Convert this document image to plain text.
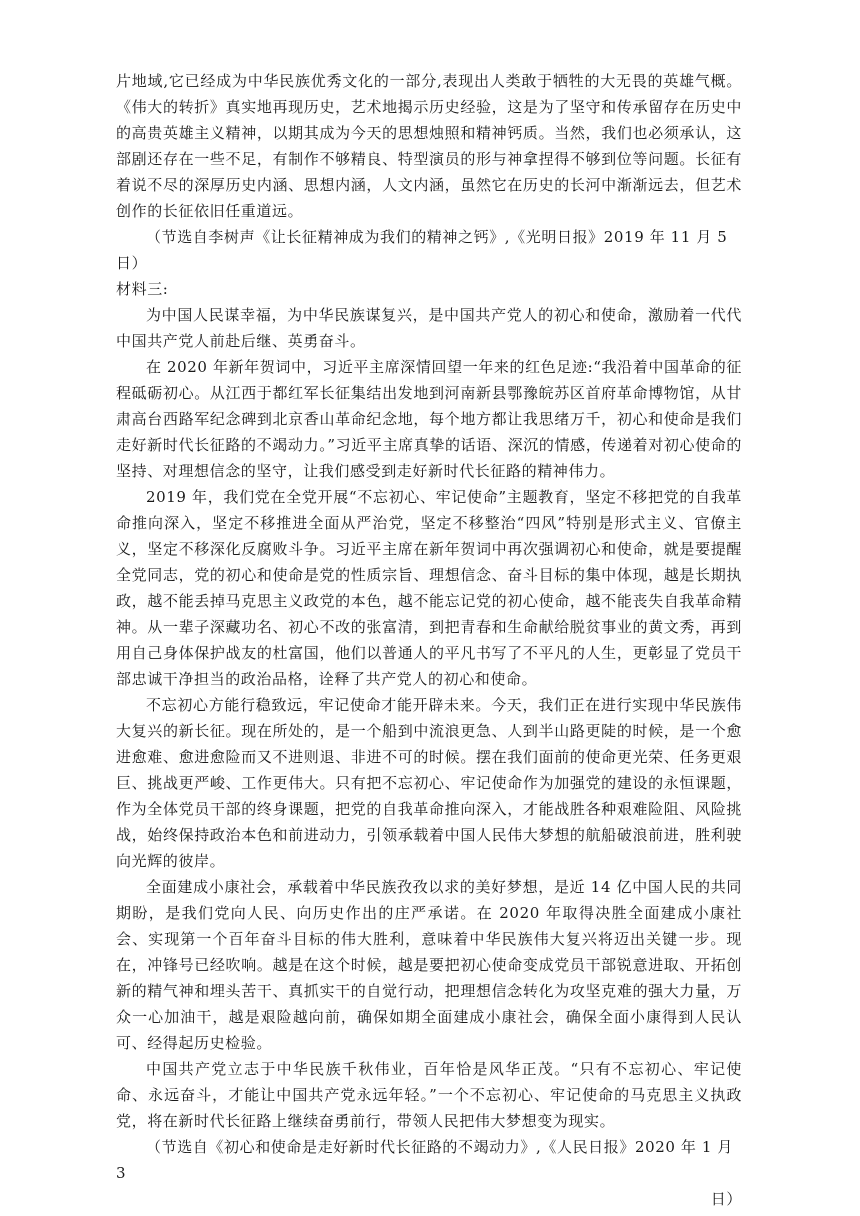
片地域,它已经成为中华民族优秀文化的一部分,表现出人类敢于牺牲的大无畏的英雄气概。《伟大的转折》真实地再现历史，艺术地揭示历史经验，这是为了坚守和传承留存在历史中的高贵英雄主义精神，以期其成为今天的思想烛照和精神钙质。当然，我们也必须承认，这部剧还存在一些不足，有制作不够精良、特型演员的形与神拿捏得不够到位等问题。长征有着说不尽的深厚历史内涵、思想内涵，人文内涵，虽然它在历史的长河中渐渐远去，但艺术创作的长征依旧任重道远。

（节选自李树声《让长征精神成为我们的精神之钙》,《光明日报》2019 年 11 月 5 日）

材料三:

为中国人民谋幸福，为中华民族谋复兴，是中国共产党人的初心和使命，激励着一代代中国共产党人前赴后继、英勇奋斗。

在 2020 年新年贺词中，习近平主席深情回望一年来的红色足迹:“我沿着中国革命的征程砥砺初心。从江西于都红军长征集结出发地到河南新县鄂豫皖苏区首府革命博物馆，从甘肃高台西路军纪念碑到北京香山革命纪念地，每个地方都让我思绪万千，初心和使命是我们走好新时代长征路的不竭动力。”习近平主席真挚的话语、深沉的情感，传递着对初心使命的坚持、对理想信念的坚守，让我们感受到走好新时代长征路的精神伟力。

2019 年，我们党在全党开展“不忘初心、牢记使命”主题教育，坚定不移把党的自我革命推向深入，坚定不移推进全面从严治党，坚定不移整治“四风”特别是形式主义、官僚主义，坚定不移深化反腐败斗争。习近平主席在新年贺词中再次强调初心和使命，就是要提醒全党同志，党的初心和使命是党的性质宗旨、理想信念、奋斗目标的集中体现，越是长期执政，越不能丢掉马克思主义政党的本色，越不能忘记党的初心使命，越不能丧失自我革命精神。从一辈子深藏功名、初心不改的张富清，到把青春和生命献给脱贫事业的黄文秀，再到用自己身体保护战友的杜富国，他们以普通人的平凡书写了不平凡的人生，更彰显了党员干部忠诚干净担当的政治品格，诠释了共产党人的初心和使命。

不忘初心方能行稳致远，牢记使命才能开辟未来。今天，我们正在进行实现中华民族伟大复兴的新长征。现在所处的，是一个船到中流浪更急、人到半山路更陡的时候，是一个愈进愈难、愈进愈险而又不进则退、非进不可的时候。摆在我们面前的使命更光荣、任务更艰巨、挑战更严峻、工作更伟大。只有把不忘初心、牢记使命作为加强党的建设的永恒课题，作为全体党员干部的终身课题，把党的自我革命推向深入，才能战胜各种艰难险阻、风险挑战，始终保持政治本色和前进动力，引领承载着中国人民伟大梦想的航船破浪前进，胜利驶向光辉的彼岸。

全面建成小康社会，承载着中华民族孜孜以求的美好梦想，是近 14 亿中国人民的共同期盼，是我们党向人民、向历史作出的庄严承诺。在 2020 年取得决胜全面建成小康社会、实现第一个百年奋斗目标的伟大胜利，意味着中华民族伟大复兴将迈出关键一步。现在，冲锋号已经吹响。越是在这个时候，越是要把初心使命变成党员干部锐意进取、开拓创新的精气神和埋头苦干、真抓实干的自觉行动，把理想信念转化为攻坚克难的强大力量，万众一心加油干，越是艰险越向前，确保如期全面建成小康社会，确保全面小康得到人民认可、经得起历史检验。

中国共产党立志于中华民族千秋伟业，百年恰是风华正茂。“只有不忘初心、牢记使命、永远奋斗，才能让中国共产党永远年轻。”一个不忘初心、牢记使命的马克思主义执政党，将在新时代长征路上继续奋勇前行，带领人民把伟大梦想变为现实。

（节选自《初心和使命是走好新时代长征路的不竭动力》,《人民日报》2020 年 1 月 3

日）
